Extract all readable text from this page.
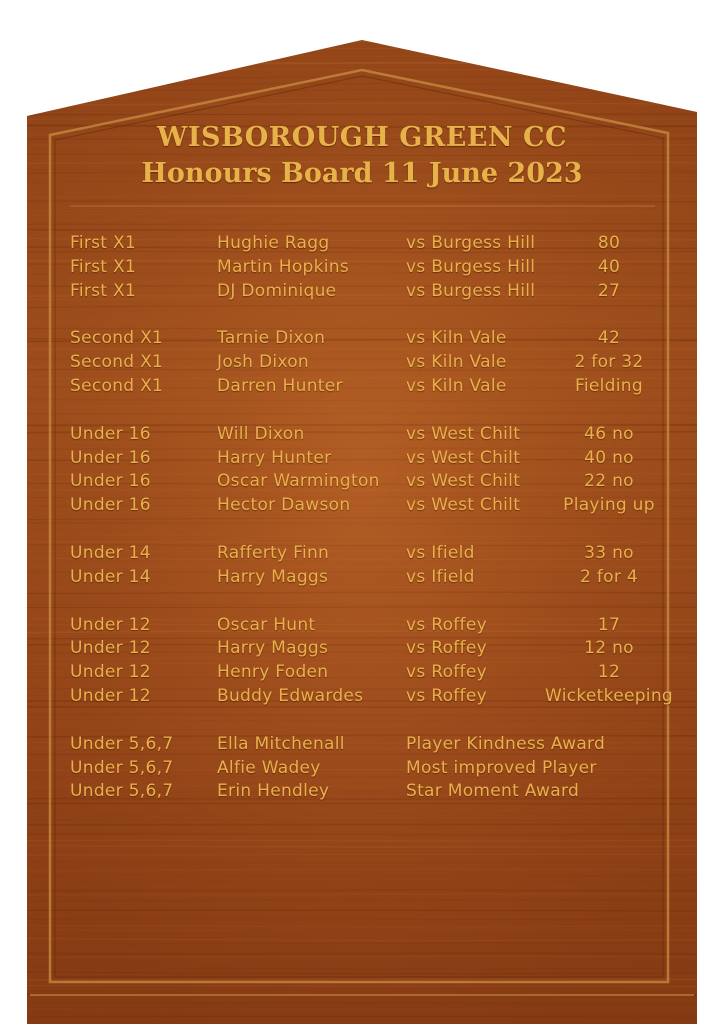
WISBOROUGH GREEN CC
Honours Board 11 June 2023
First X1	Hughie Ragg	vs Burgess Hill	80
First X1	Martin Hopkins	vs Burgess Hill	40
First X1	DJ Dominique	vs Burgess Hill	27
Second X1	Tarnie Dixon	vs Kiln Vale	42
Second X1	Josh Dixon	vs Kiln Vale	2 for 32
Second X1	Darren Hunter	vs Kiln Vale	Fielding
Under 16	Will Dixon	vs West Chilt	46 no
Under 16	Harry Hunter	vs West Chilt	40 no
Under 16	Oscar Warmington vs West Chilt	22 no
Under 16	Hector Dawson	vs West Chilt	Playing up
Under 14	Rafferty Finn	vs Ifield	33 no
Under 14	Harry Maggs	vs Ifield	2 for 4
Under 12	Oscar Hunt	vs Roffey	17
Under 12	Harry Maggs	vs Roffey	12 no
Under 12	Henry Foden	vs Roffey	12
Under 12	Buddy Edwardes	vs Roffey	Wicketkeeping
Under 5,6,7	Ella Mitchenall	Player Kindness Award
Under 5,6,7	Alfie Wadey	Most improved Player
Under 5,6,7	Erin Hendley	Star Moment Award
